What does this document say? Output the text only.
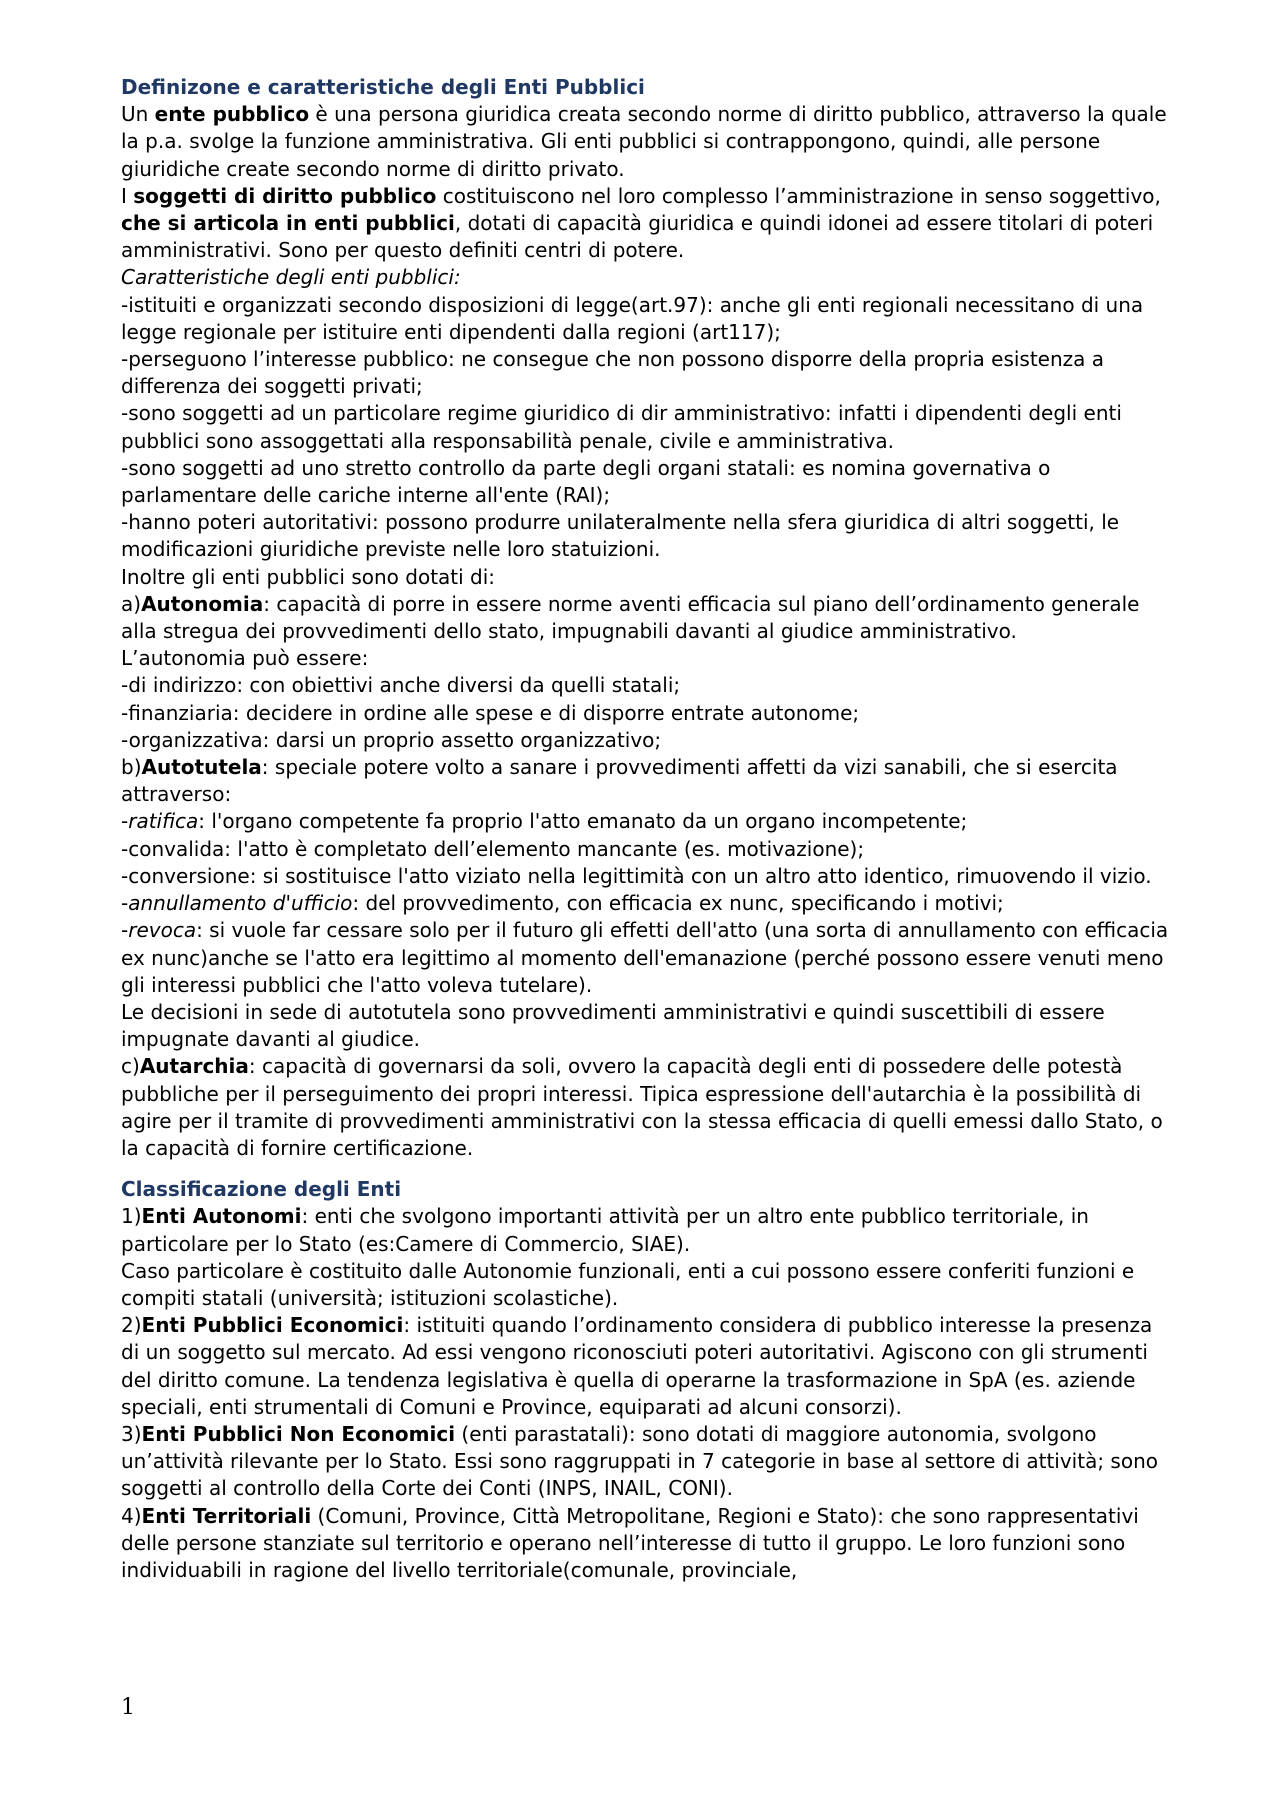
Definizone e caratteristiche degli Enti Pubblici

Un ente pubblico è una persona giuridica creata secondo norme di diritto pubblico, attraverso la quale la p.a. svolge la funzione amministrativa. Gli enti pubblici si contrappongono, quindi, alle persone giuridiche create secondo norme di diritto privato.

I soggetti di diritto pubblico costituiscono nel loro complesso l’amministrazione in senso soggettivo, che si articola in enti pubblici, dotati di capacità giuridica e quindi idonei ad essere titolari di poteri amministrativi. Sono per questo definiti centri di potere.

Caratteristiche degli enti pubblici:

-istituiti e organizzati secondo disposizioni di legge(art.97): anche gli enti regionali necessitano di una legge regionale per istituire enti dipendenti dalla regioni (art117);

-perseguono l’interesse pubblico: ne consegue che non possono disporre della propria esistenza a differenza dei soggetti privati;

-sono soggetti ad un particolare regime giuridico di dir amministrativo: infatti i dipendenti degli enti pubblici sono assoggettati alla responsabilità penale, civile e amministrativa.

-sono soggetti ad uno stretto controllo da parte degli organi statali: es nomina governativa o parlamentare delle cariche interne all'ente (RAI);

-hanno poteri autoritativi: possono produrre unilateralmente nella sfera giuridica di altri soggetti, le modificazioni giuridiche previste nelle loro statuizioni.

Inoltre gli enti pubblici sono dotati di:

a)Autonomia: capacità di porre in essere norme aventi efficacia sul piano dell’ordinamento generale alla stregua dei provvedimenti dello stato, impugnabili davanti al giudice amministrativo.

L’autonomia può essere:

-di indirizzo: con obiettivi anche diversi da quelli statali;

-finanziaria: decidere in ordine alle spese e di disporre entrate autonome;

-organizzativa: darsi un proprio assetto organizzativo;

b)Autotutela: speciale potere volto a sanare i provvedimenti affetti da vizi sanabili, che si esercita attraverso:

-ratifica: l'organo competente fa proprio l'atto emanato da un organo incompetente;

-convalida: l'atto è completato dell’elemento mancante (es. motivazione);

-conversione: si sostituisce l'atto viziato nella legittimità con un altro atto identico, rimuovendo il vizio.

-annullamento d'ufficio: del provvedimento, con efficacia ex nunc, specificando i motivi;

-revoca: si vuole far cessare solo per il futuro gli effetti dell'atto (una sorta di annullamento con efficacia ex nunc)anche se l'atto era legittimo al momento dell'emanazione (perché possono essere venuti meno gli interessi pubblici che l'atto voleva tutelare).

Le decisioni in sede di autotutela sono provvedimenti amministrativi e quindi suscettibili di essere impugnate davanti al giudice.

c)Autarchia: capacità di governarsi da soli, ovvero la capacità degli enti di possedere delle potestà pubbliche per il perseguimento dei propri interessi. Tipica espressione dell'autarchia è la possibilità di agire per il tramite di provvedimenti amministrativi con la stessa efficacia di quelli emessi dallo Stato, o la capacità di fornire certificazione.

Classificazione degli Enti

1)Enti Autonomi: enti che svolgono importanti attività per un altro ente pubblico territoriale, in particolare per lo Stato (es:Camere di Commercio, SIAE).

Caso particolare è costituito dalle Autonomie funzionali, enti a cui possono essere conferiti funzioni e compiti statali (università; istituzioni scolastiche).

2)Enti Pubblici Economici: istituiti quando l’ordinamento considera di pubblico interesse la presenza di un soggetto sul mercato. Ad essi vengono riconosciuti poteri autoritativi. Agiscono con gli strumenti del diritto comune. La tendenza legislativa è quella di operarne la trasformazione in SpA (es. aziende speciali, enti strumentali di Comuni e Province, equiparati ad alcuni consorzi).

3)Enti Pubblici Non Economici (enti parastatali): sono dotati di maggiore autonomia, svolgono un’attività rilevante per lo Stato. Essi sono raggruppati in 7 categorie in base al settore di attività; sono soggetti al controllo della Corte dei Conti (INPS, INAIL, CONI).

4)Enti Territoriali (Comuni, Province, Città Metropolitane, Regioni e Stato): che sono rappresentativi delle persone stanziate sul territorio e operano nell’interesse di tutto il gruppo. Le loro funzioni sono individuabili in ragione del livello territoriale(comunale, provinciale,

1
